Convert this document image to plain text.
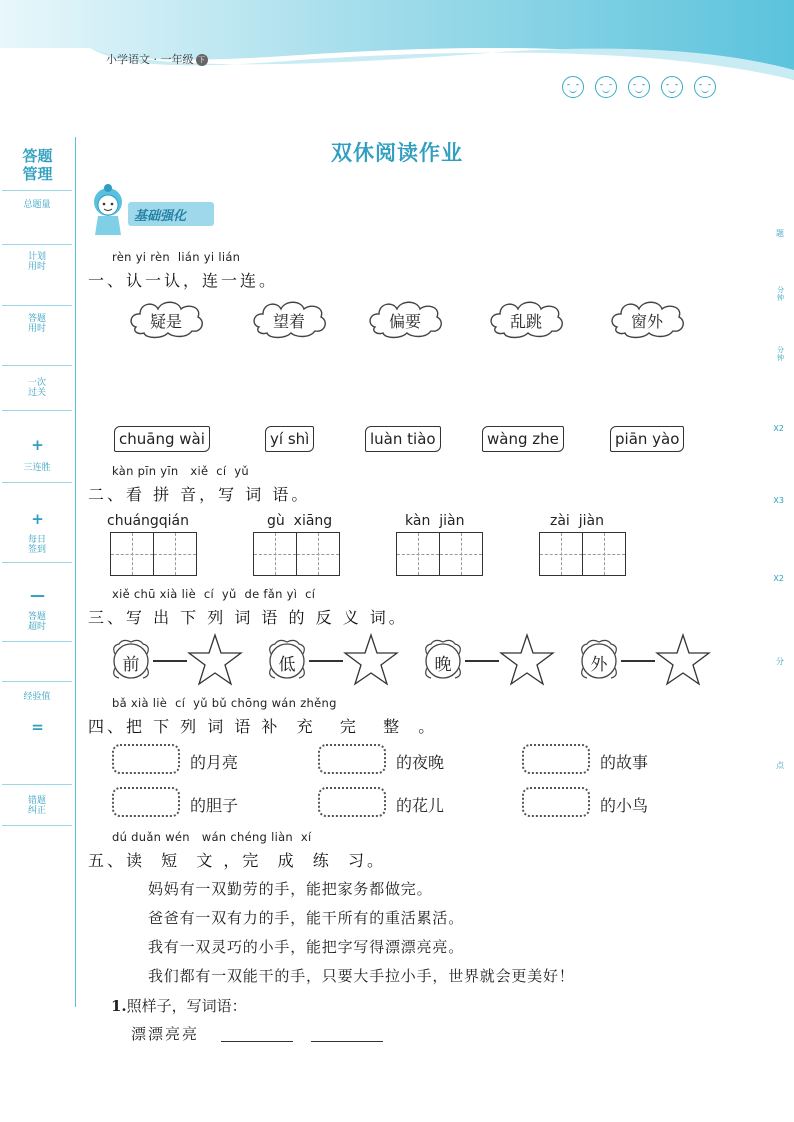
小学语文 · 一年级 下册
答题
管理
总题量
题
计划
用时
分
钟
答题
用时
分
钟
一次
过关
X2
+
三连胜
X3
+
每日
签到
X2
—
答题
超时
分
经验值
=
点
错题
纠正
双休阅读作业
基础强化
rèn yi rèn  lián yi lián
一、认一认，连一连。
疑是	望着	偏要	乱跳	窗外
chuāng wài	yí shì	luàn tiào	wàng zhe	piān yào
kàn pīn yīn   xiě  cí  yǔ
二、看 拼 音，写 词 语。
chuángqián	gù  xiāng	kàn  jiàn	zài  jiàn
xiě chū xià liè  cí  yǔ  de fǎn yì  cí
三、写 出 下 列 词 语 的 反 义 词。
前	低	晚	外
bǎ xià liè  cí  yǔ bǔ chōng wán zhěng
四、把 下 列 词 语 补  充   完   整  。
的月亮	的夜晚	的故事
的胆子	的花儿	的小鸟
dú duǎn wén   wán chéng liàn  xí
五、读  短  文 ，完  成  练  习。
妈妈有一双勤劳的手，能把家务都做完。
爸爸有一双有力的手，能干所有的重活累活。
我有一双灵巧的小手，能把字写得漂漂亮亮。
我们都有一双能干的手，只要大手拉小手，世界就会更美好！
1.照样子，写词语：
漂漂亮亮
